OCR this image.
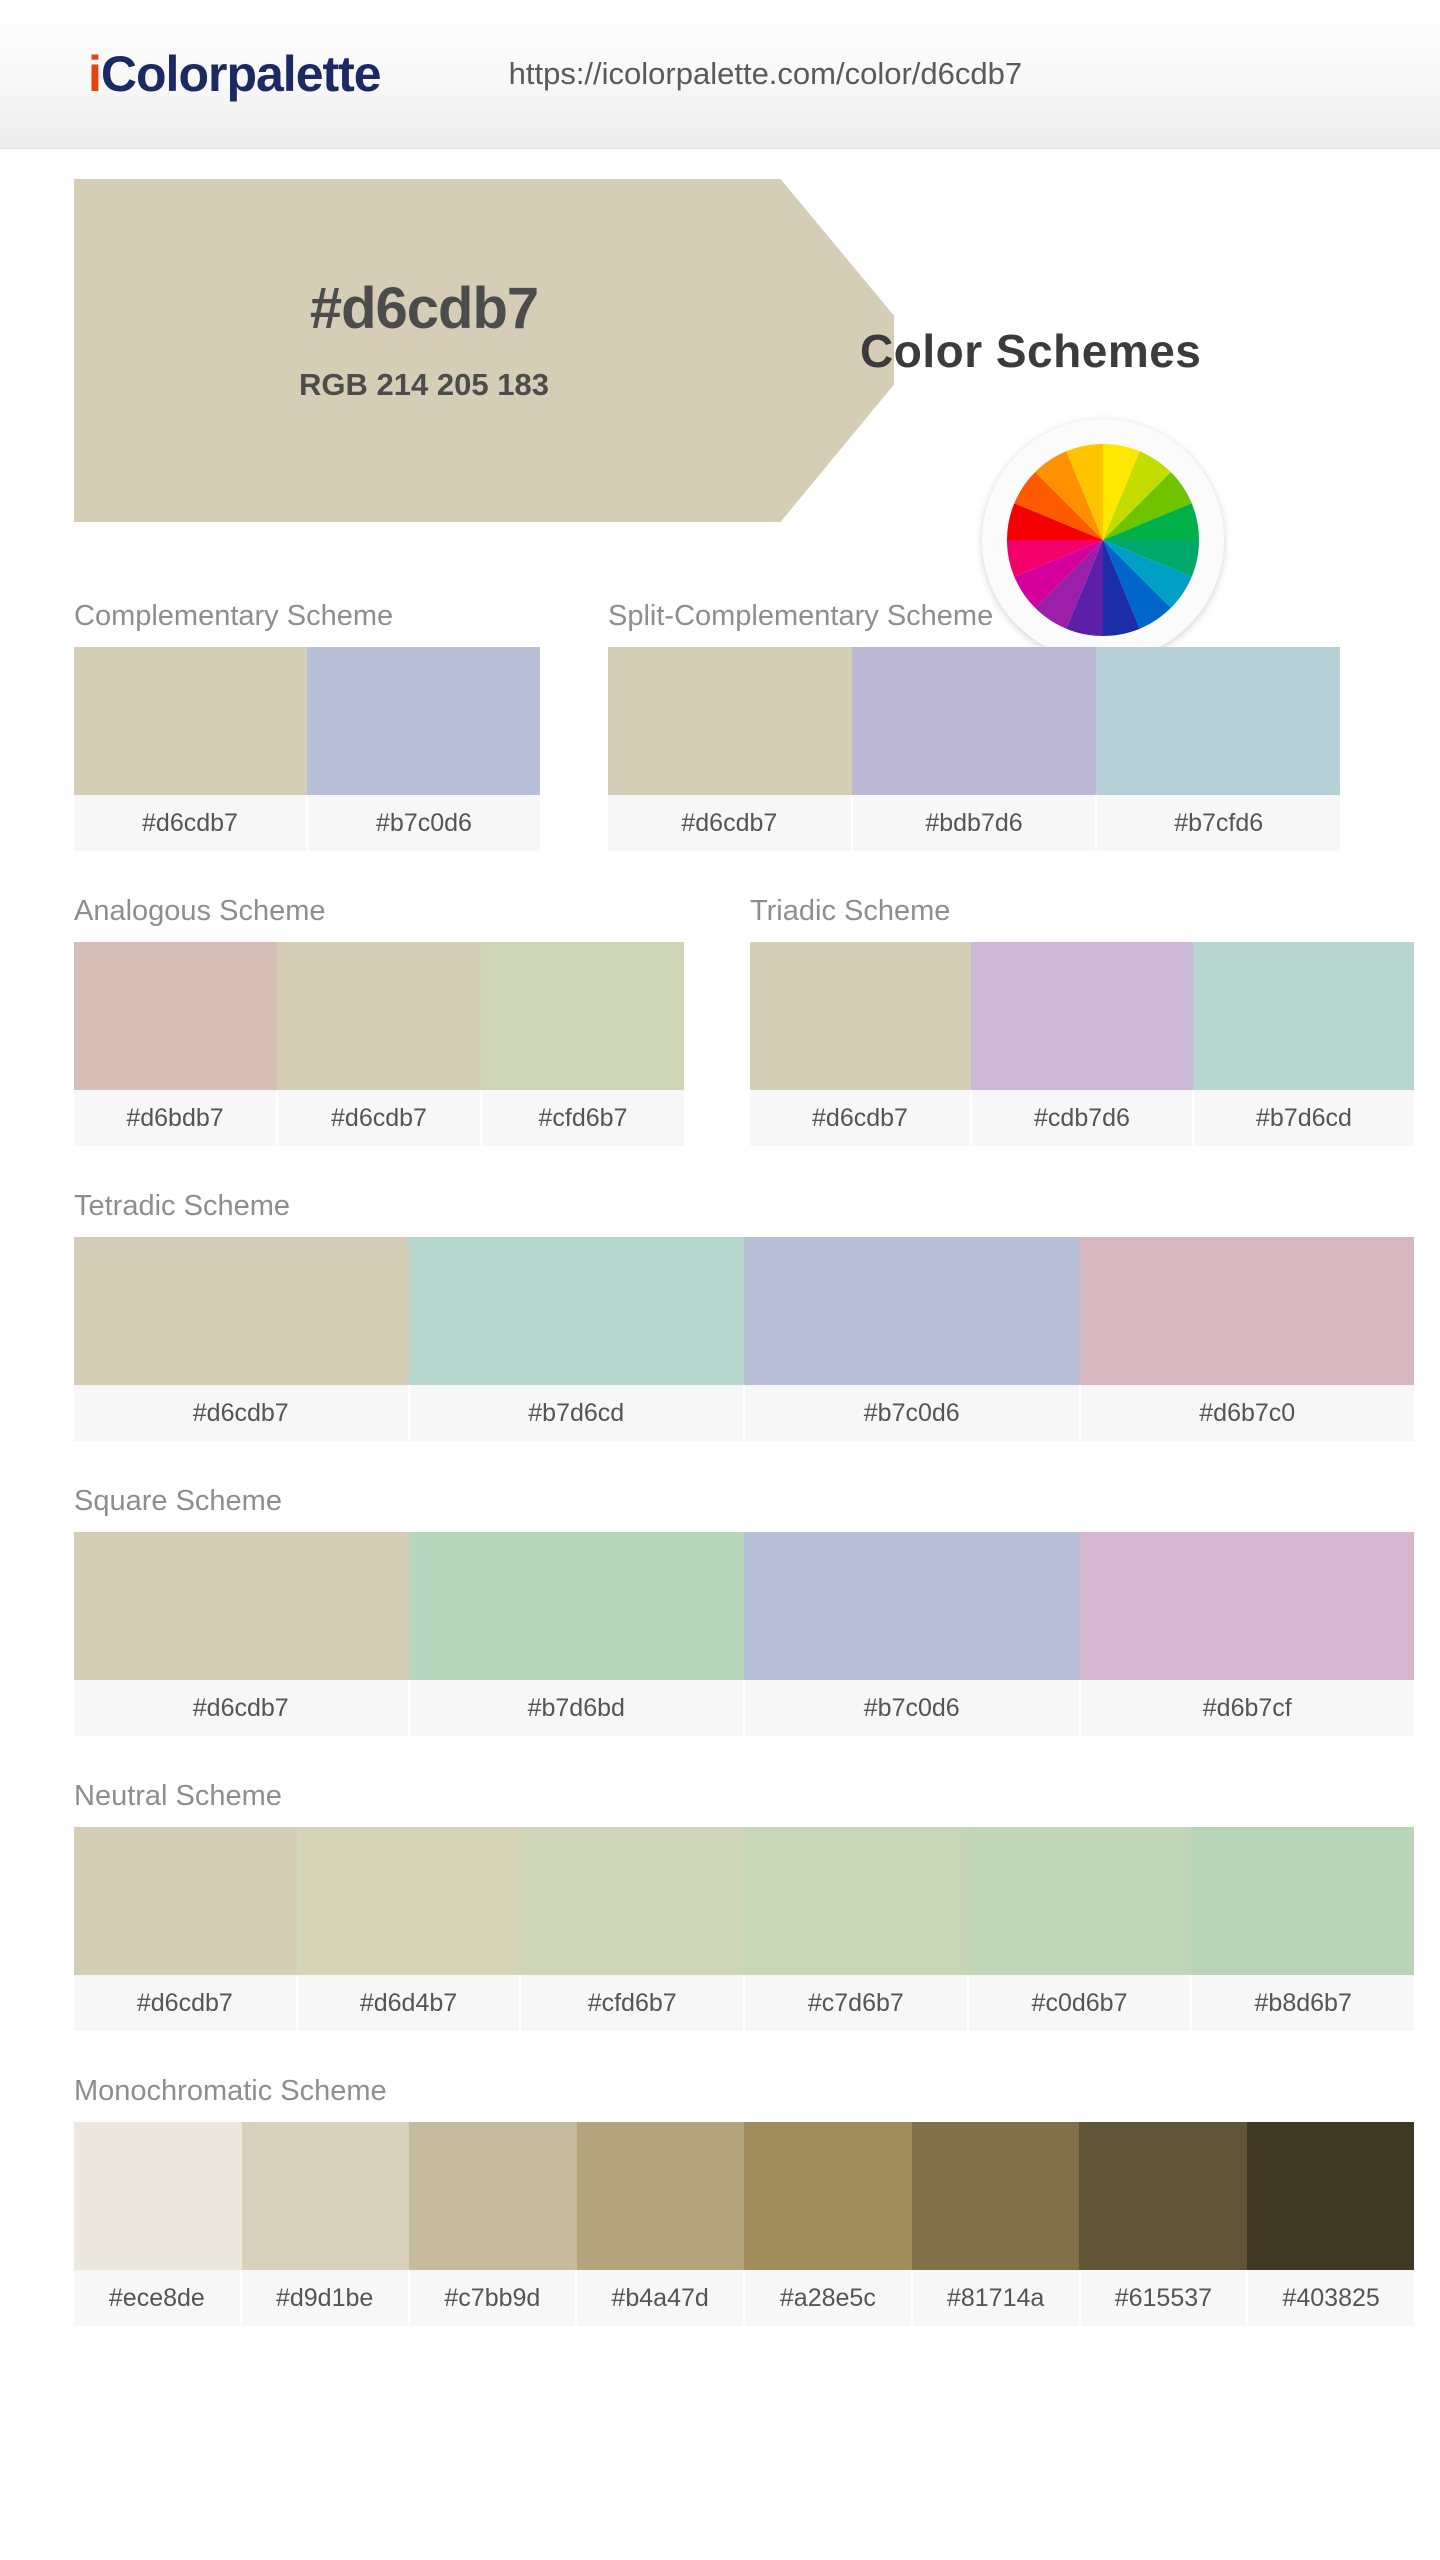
iColorpalette	https://icolorpalette.com/color/d6cdb7
#d6cdb7
RGB 214 205 183
Color Schemes
Complementary Scheme
#d6cdb7	#b7c0d6
Split-Complementary Scheme
#d6cdb7	#bdb7d6	#b7cfd6
Analogous Scheme
#d6bdb7	#d6cdb7	#cfd6b7
Triadic Scheme
#d6cdb7	#cdb7d6	#b7d6cd
Tetradic Scheme
#d6cdb7	#b7d6cd	#b7c0d6	#d6b7c0
Square Scheme
#d6cdb7	#b7d6bd	#b7c0d6	#d6b7cf
Neutral Scheme
#d6cdb7	#d6d4b7	#cfd6b7	#c7d6b7	#c0d6b7	#b8d6b7
Monochromatic Scheme
#ece8de	#d9d1be	#c7bb9d	#b4a47d	#a28e5c	#81714a	#615537	#403825
